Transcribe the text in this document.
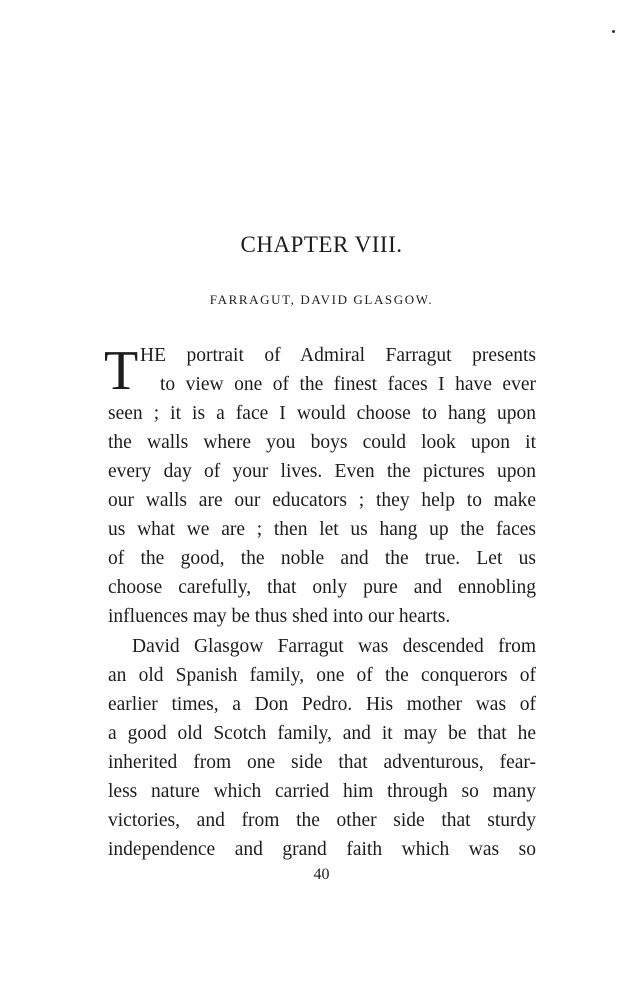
CHAPTER VIII.
FARRAGUT, DAVID GLASGOW.
T HE portrait of Admiral Farragut presents
to view one of the finest faces I have ever
seen ; it is a face I would choose to hang upon
the walls where you boys could look upon it
every day of your lives. Even the pictures upon
our walls are our educators ; they help to make
us what we are ; then let us hang up the faces
of the good, the noble and the true. Let us
choose carefully, that only pure and ennobling
influences may be thus shed into our hearts.
David Glasgow Farragut was descended from
an old Spanish family, one of the conquerors of
earlier times, a Don Pedro. His mother was of
a good old Scotch family, and it may be that he
inherited from one side that adventurous, fear-
less nature which carried him through so many
victories, and from the other side that sturdy
independence and grand faith which was so
40
